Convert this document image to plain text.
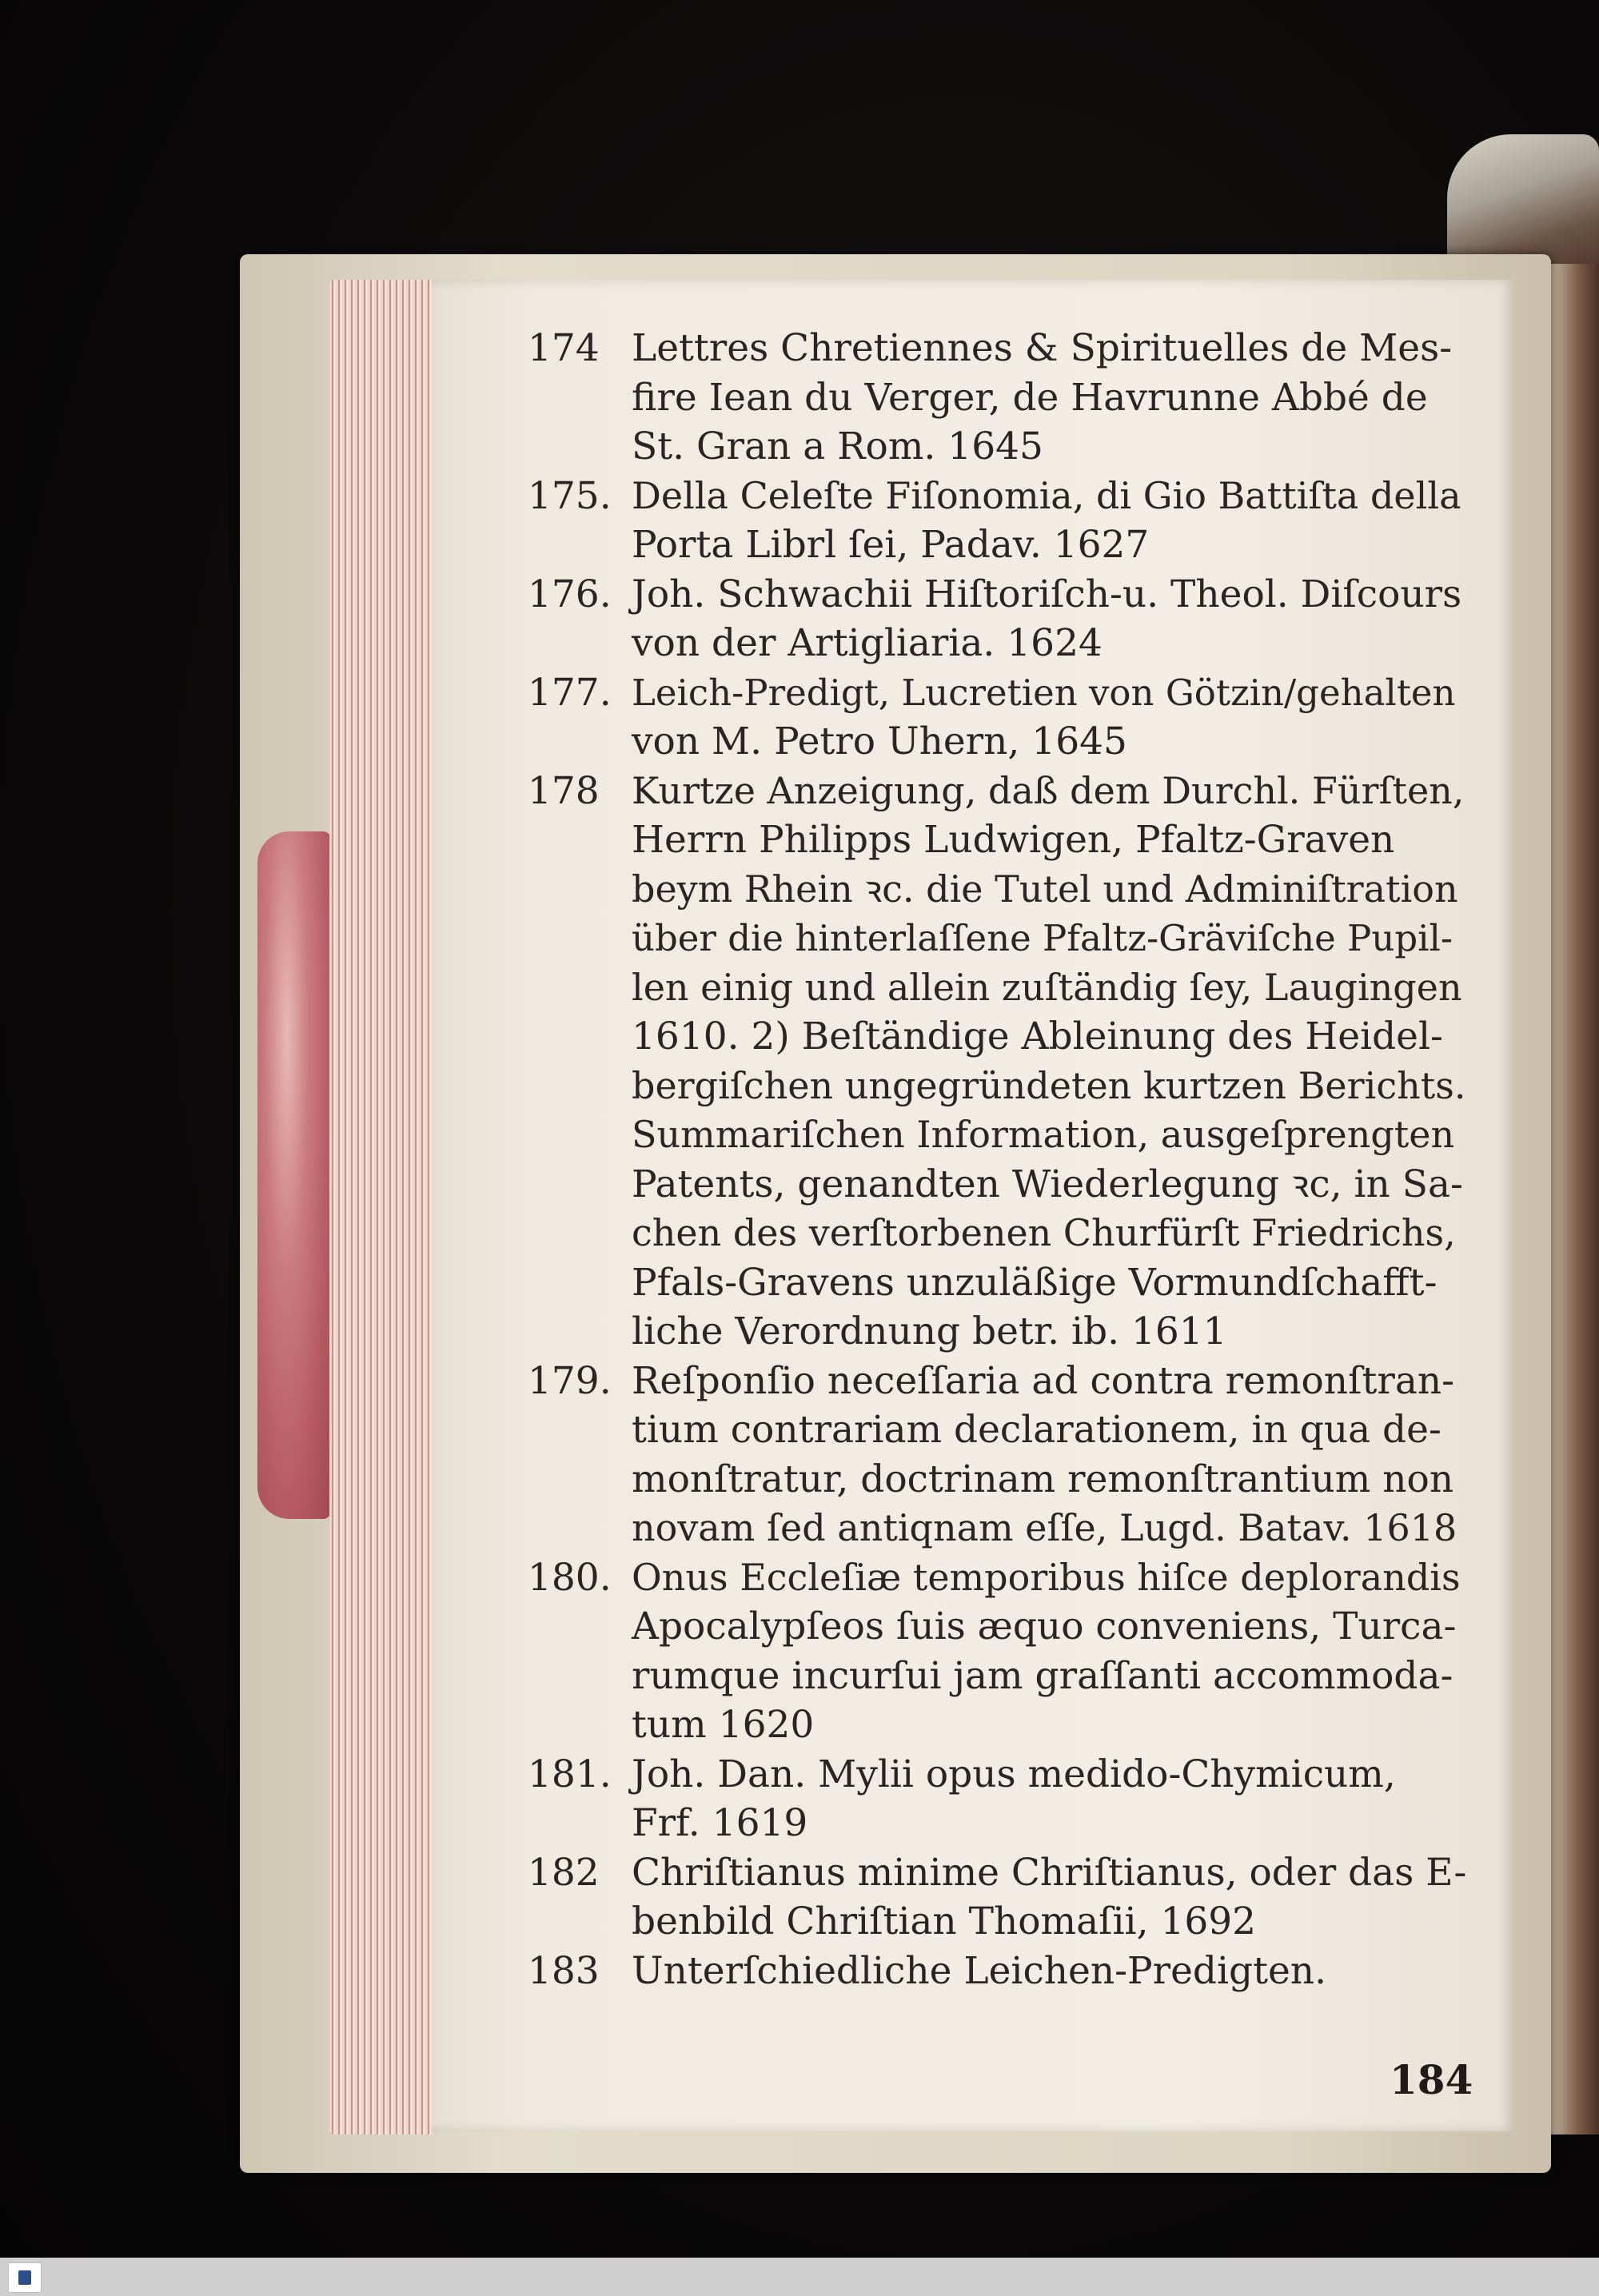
174 Lettres Chretiennes & Spirituelles de Mes-
fire Iean du Verger, de Havrunne Abbé de
St. Gran a Rom. 1645
175. Della Celeſte Fiſonomia, di Gio Battiſta della
Porta Librl ſei, Padav. 1627
176. Joh. Schwachii Hiſtoriſch-u. Theol. Diſcours
von der Artigliaria. 1624
177. Leich-Predigt, Lucretien von Götzin/gehalten
von M. Petro Uhern, 1645
178 Kurtze Anzeigung, daß dem Durchl. Fürſten,
Herrn Philipps Ludwigen, Pfaltz-Graven
beym Rhein ꝛc. die Tutel und Adminiſtration
über die hinterlaſſene Pfaltz-Gräviſche Pupil-
len einig und allein zuſtändig ſey, Laugingen
1610. 2) Beſtändige Ableinung des Heidel-
bergiſchen ungegründeten kurtzen Berichts.
Summariſchen Information, ausgeſprengten
Patents, genandten Wiederlegung ꝛc, in Sa-
chen des verſtorbenen Churfürſt Friedrichs,
Pfals-Gravens unzuläßige Vormundſchafft-
liche Verordnung betr. ib. 1611
179. Reſponſio neceſſaria ad contra remonſtran-
tium contrariam declarationem, in qua de-
monſtratur, doctrinam remonſtrantium non
novam ſed antiqnam eſſe, Lugd. Batav. 1618
180. Onus Eccleſiæ temporibus hiſce deplorandis
Apocalypſeos ſuis æquo conveniens, Turca-
rumque incurſui jam graſſanti accommoda-
tum 1620
181. Joh. Dan. Mylii opus medido-Chymicum,
Frf. 1619
182 Chriſtianus minime Chriſtianus, oder das E-
benbild Chriſtian Thomaſii, 1692
183 Unterſchiedliche Leichen-Predigten.
184
